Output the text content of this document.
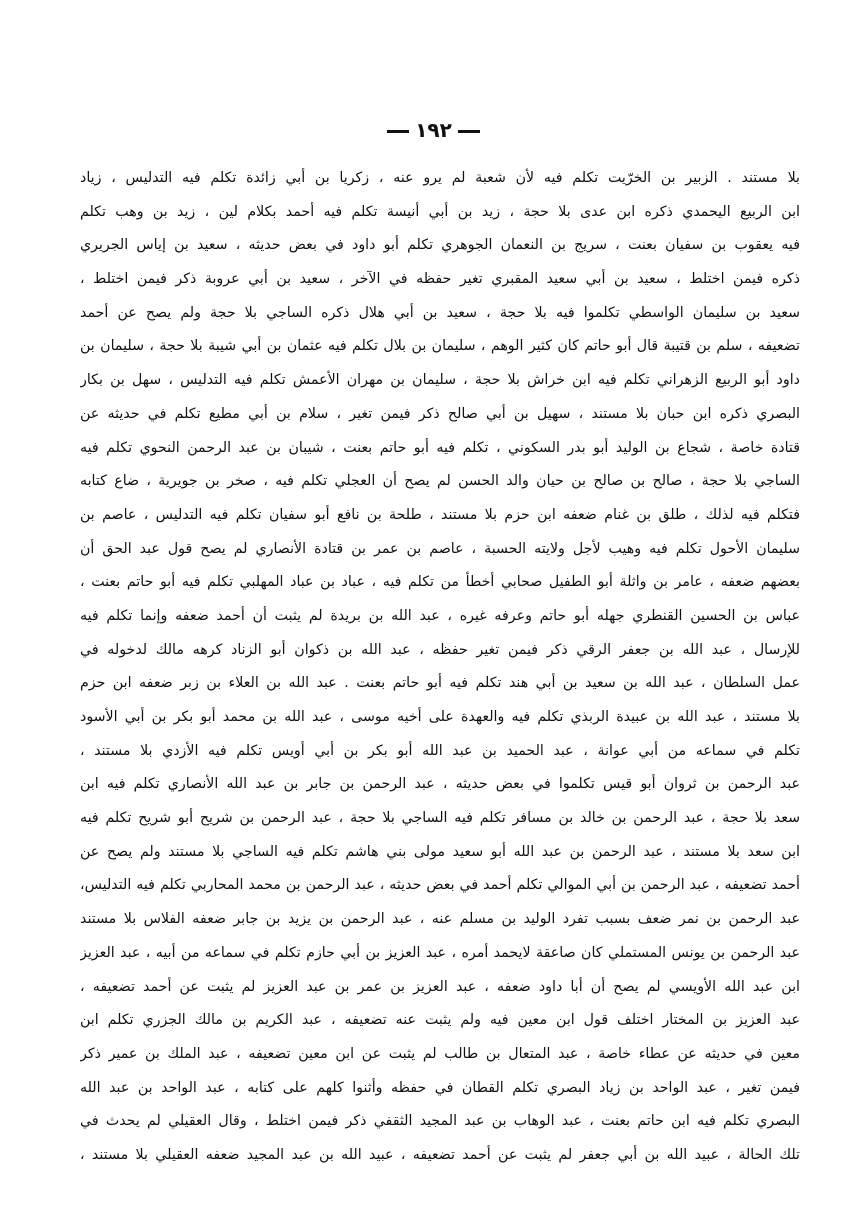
١٩٢
بلا مستند . الزبير بن الخرّيت تكلم فيه لأن شعبة لم يرو عنه ، زكريا بن أبي زائدة تكلم فيه التدليس ، زياد
ابن الربيع اليحمدي ذكره ابن عدى بلا حجة ، زيد بن أبي أنيسة تكلم فيه أحمد بكلام لين ، زيد بن وهب تكلم
فيه يعقوب بن سفيان بعنت ، سريج بن النعمان الجوهري تكلم أبو داود في بعض حديثه ، سعيد بن إياس الجريري
ذكره فيمن اختلط ، سعيد بن أبي سعيد المقبري تغير حفظه في الآخر ، سعيد بن أبي عروبة ذكر فيمن اختلط ،
سعيد بن سليمان الواسطي تكلموا فيه بلا حجة ، سعيد بن أبي هلال ذكره الساجي بلا حجة ولم يصح عن أحمد
تضعيفه ، سلم بن قتيبة قال أبو حاتم كان كثير الوهم ، سليمان بن بلال تكلم فيه عثمان بن أبي شيبة بلا حجة ، سليمان بن
داود أبو الربيع الزهراني تكلم فيه ابن خراش بلا حجة ، سليمان بن مهران الأعمش تكلم فيه التدليس ، سهل بن بكار
البصري ذكره ابن حبان بلا مستند ، سهيل بن أبي صالح ذكر فيمن تغير ، سلام بن أبي مطيع تكلم في حديثه عن
قتادة خاصة ، شجاع بن الوليد أبو بدر السكوني ، تكلم فيه أبو حاتم بعنت ، شيبان بن عبد الرحمن النحوي تكلم فيه
الساجي بلا حجة ، صالح بن صالح بن حيان والد الحسن لم يصح أن العجلي تكلم فيه ، صخر بن جويرية ، ضاع كتابه
فتكلم فيه لذلك ، طلق بن غنام ضعفه ابن حزم بلا مستند ، طلحة بن نافع أبو سفيان تكلم فيه التدليس ، عاصم بن
سليمان الأحول تكلم فيه وهيب لأجل ولايته الحسبة ، عاصم بن عمر بن قتادة الأنصاري لم يصح قول عبد الحق أن
بعضهم ضعفه ، عامر بن واثلة أبو الطفيل صحابي أخطأ من تكلم فيه ، عباد بن عباد المهلبي تكلم فيه أبو حاتم بعنت ،
عباس بن الحسين القنطري جهله أبو حاتم وعرفه غيره ، عبد الله بن بريدة لم يثبت أن أحمد ضعفه وإنما تكلم فيه
للإرسال ، عبد الله بن جعفر الرقي ذكر فيمن تغير حفظه ، عبد الله بن ذكوان أبو الزناد كرهه مالك لدخوله في
عمل السلطان ، عبد الله بن سعيد بن أبي هند تكلم فيه أبو حاتم بعنت . عبد الله بن العلاء بن زبر ضعفه ابن حزم
بلا مستند ، عبد الله بن عبيدة الربذي تكلم فيه والعهدة على أخيه موسى ، عبد الله بن محمد أبو بكر بن أبي الأسود
تكلم في سماعه من أبي عوانة ، عبد الحميد بن عبد الله أبو بكر بن أبي أويس تكلم فيه الأزدي بلا مستند ،
عبد الرحمن بن ثروان أبو قيس تكلموا في بعض حديثه ، عبد الرحمن بن جابر بن عبد الله الأنصاري تكلم فيه ابن
سعد بلا حجة ، عبد الرحمن بن خالد بن مسافر تكلم فيه الساجي بلا حجة ، عبد الرحمن بن شريح أبو شريح تكلم فيه
ابن سعد بلا مستند ، عبد الرحمن بن عبد الله أبو سعيد مولى بني هاشم تكلم فيه الساجي بلا مستند ولم يصح عن
أحمد تضعيفه ، عبد الرحمن بن أبي الموالي تكلم أحمد في بعض حديثه ، عبد الرحمن بن محمد المحاربي تكلم فيه التدليس،
عبد الرحمن بن نمر ضعف بسبب تفرد الوليد بن مسلم عنه ، عبد الرحمن بن يزيد بن جابر ضعفه الفلاس بلا مستند
عبد الرحمن بن يونس المستملي كان صاعقة لايحمد أمره ، عبد العزيز بن أبي حازم تكلم في سماعه من أبيه ، عبد العزيز
ابن عبد الله الأويسي لم يصح أن أبا داود ضعفه ، عبد العزيز بن عمر بن عبد العزيز لم يثبت عن أحمد تضعيفه ،
عبد العزيز بن المختار اختلف قول ابن معين فيه ولم يثبت عنه تضعيفه ، عبد الكريم بن مالك الجزري تكلم ابن
معين في حديثه عن عطاء خاصة ، عبد المتعال بن طالب لم يثبت عن ابن معين تضعيفه ، عبد الملك بن عمير ذكر
فيمن تغير ، عبد الواحد بن زياد البصري تكلم القطان في حفظه وأثنوا كلهم على كتابه ، عبد الواحد بن عبد الله
البصري تكلم فيه ابن حاتم بعنت ، عبد الوهاب بن عبد المجيد الثقفي ذكر فيمن اختلط ، وقال العقيلي لم يحدث في
تلك الحالة ، عبيد الله بن أبي جعفر لم يثبت عن أحمد تضعيفه ، عبيد الله بن عبد المجيد ضعفه العقيلي بلا مستند ،
